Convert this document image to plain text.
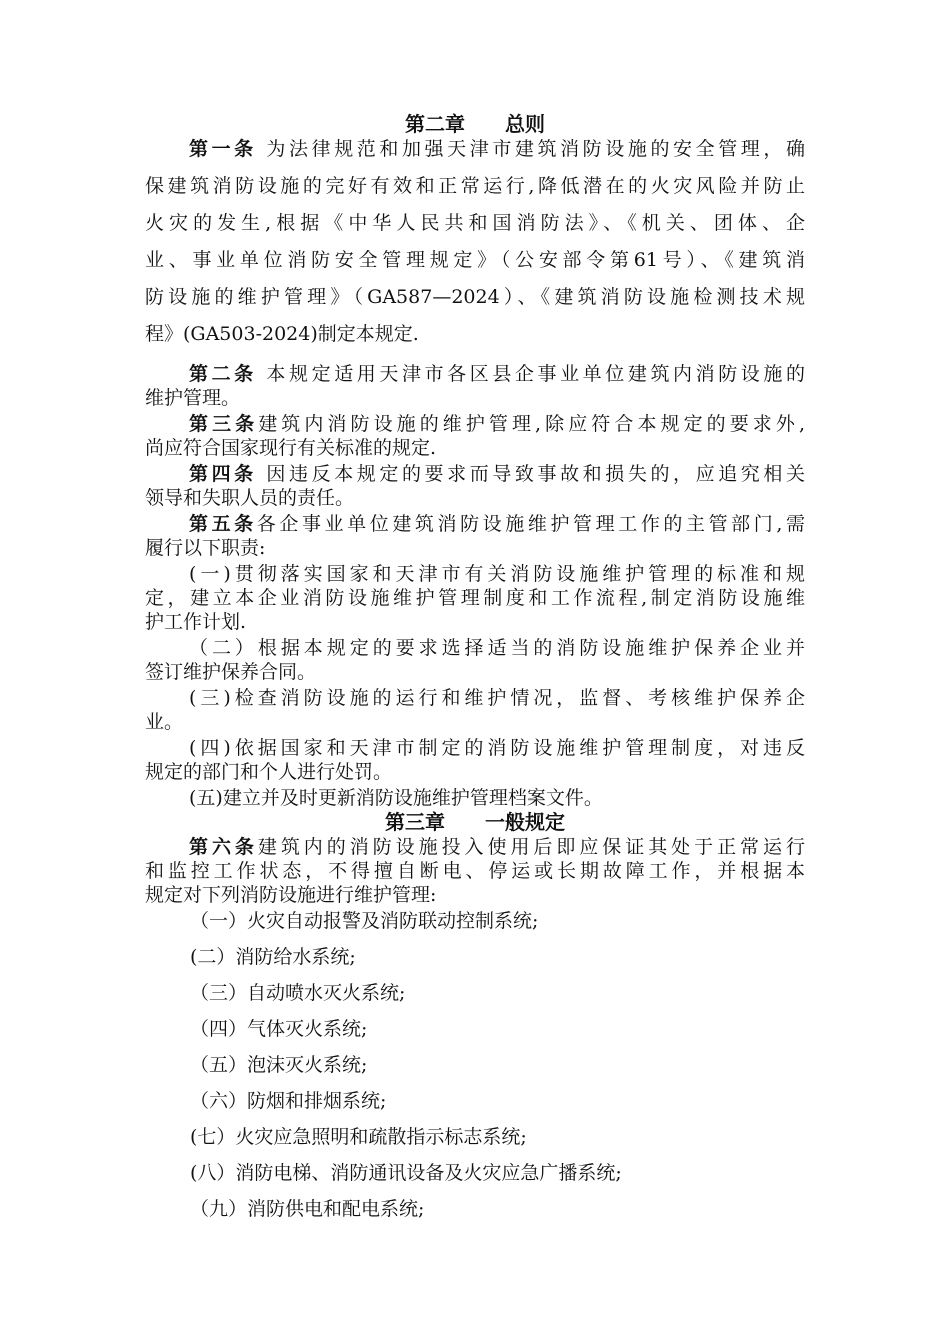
第二章　　总则
第一条 为法律规范和加强天津市建筑消防设施的安全管理，确
保建筑消防设施的完好有效和正常运行,降低潜在的火灾风险并防止
火灾的发生,根据《中华人民共和国消防法》、《机关、团体、企
业、事业单位消防安全管理规定》（公安部令第61号）、《建筑消
防设施的维护管理》（GA587—2024）、《建筑消防设施检测技术规
程》(GA503-2024)制定本规定.
第二条 本规定适用天津市各区县企事业单位建筑内消防设施的
维护管理。
第三条建筑内消防设施的维护管理,除应符合本规定的要求外,
尚应符合国家现行有关标准的规定.
第四条 因违反本规定的要求而导致事故和损失的，应追究相关
领导和失职人员的责任。
第五条各企事业单位建筑消防设施维护管理工作的主管部门,需
履行以下职责:
(一)贯彻落实国家和天津市有关消防设施维护管理的标准和规
定，建立本企业消防设施维护管理制度和工作流程,制定消防设施维
护工作计划.
（二）根据本规定的要求选择适当的消防设施维护保养企业并
签订维护保养合同。
(三)检查消防设施的运行和维护情况，监督、考核维护保养企
业。
(四)依据国家和天津市制定的消防设施维护管理制度，对违反
规定的部门和个人进行处罚。
(五)建立并及时更新消防设施维护管理档案文件。
第三章　　一般规定
第六条建筑内的消防设施投入使用后即应保证其处于正常运行
和监控工作状态，不得擅自断电、停运或长期故障工作，并根据本
规定对下列消防设施进行维护管理:
（一）火灾自动报警及消防联动控制系统;
(二）消防给水系统;
（三）自动喷水灭火系统;
（四）气体灭火系统;
（五）泡沫灭火系统;
（六）防烟和排烟系统;
(七）火灾应急照明和疏散指示标志系统;
(八）消防电梯、消防通讯设备及火灾应急广播系统;
（九）消防供电和配电系统;
